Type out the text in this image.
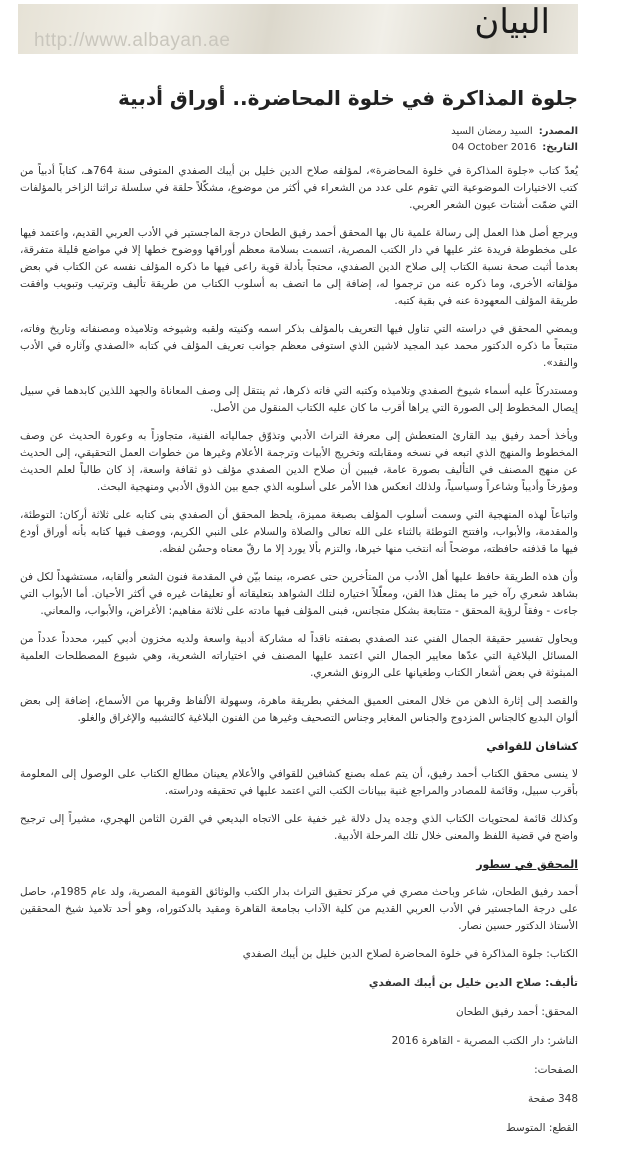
http://www.albayan.ae	البيان
جلوة المذاكرة في خلوة المحاضرة.. أوراق أدبية
المصدر:السيد رمضان السيد
التاريخ:04 October 2016

يُعدّ كتاب «جلوة المذاكرة في خلوة المحاضرة»، لمؤلفه صلاح الدين خليل بن أيبك الصفدي المتوفى سنة 764هـ، كتاباً أدبياً من كتب الاختيارات الموضوعية التي تقوم على عدد من الشعراء في أكثر من موضوع، مشكّلاً حلقة في سلسلة تراثنا الزاخر بالمؤلفات التي ضمّت أشتات عيون الشعر العربي.

ويرجع أصل هذا العمل إلى رسالة علمية نال بها المحقق أحمد رفيق الطحان درجة الماجستير في الأدب العربي القديم، واعتمد فيها على مخطوطة فريدة عثر عليها في دار الكتب المصرية، اتسمت بسلامة معظم أوراقها ووضوح خطها إلا في مواضع قليلة متفرقة، بعدما أثبت صحة نسبة الكتاب إلى صلاح الدين الصفدي، محتجاً بأدلة قوية راعى فيها ما ذكره المؤلف نفسه عن الكتاب في بعض مؤلفاته الأخرى، وما ذكره عنه من ترجموا له، إضافة إلى ما اتصف به أسلوب الكتاب من طريقة تأليف وترتيب وتبويب وافقت طريقة المؤلف المعهودة عنه في بقية كتبه.

ويمضي المحقق في دراسته التي تناول فيها التعريف بالمؤلف بذكر اسمه وكنيته ولقبه وشيوخه وتلاميذه ومصنفاته وتاريخ وفاته، متتبعاً ما ذكره الدكتور محمد عبد المجيد لاشين الذي استوفى معظم جوانب تعريف المؤلف في كتابه «الصفدي وآثاره في الأدب والنقد».

ومستدركاً عليه أسماء شيوخ الصفدي وتلاميذه وكتبه التي فاته ذكرها، ثم ينتقل إلى وصف المعاناة والجهد اللذين كابدهما في سبيل إيصال المخطوط إلى الصورة التي يراها أقرب ما كان عليه الكتاب المنقول من الأصل.

ويأخذ أحمد رفيق بيد القارئ المتعطش إلى معرفة التراث الأدبي وتذوّق جمالياته الفنية، متجاوزاً به وعورة الحديث عن وصف المخطوط والمنهج الذي اتبعه في نسخه ومقابلته وتخريج الأبيات وترجمة الأعلام وغيرها من خطوات العمل التحقيقي، إلى الحديث عن منهج المصنف في التأليف بصورة عامة، فيبين أن صلاح الدين الصفدي مؤلف ذو ثقافة واسعة، إذ كان طالباً لعلم الحديث ومؤرخاً وأديباً وشاعراً وسياسياً، ولذلك انعكس هذا الأمر على أسلوبه الذي جمع بين الذوق الأدبي ومنهجية البحث.

واتباعاً لهذه المنهجية التي وسمت أسلوب المؤلف بصبغة مميزة، يلحظ المحقق أن الصفدي بنى كتابه على ثلاثة أركان: التوطئة، والمقدمة، والأبواب، وافتتح التوطئة بالثناء على الله تعالى والصلاة والسلام على النبي الكريم، ووصف فيها كتابه بأنه أوراق أودع فيها ما قذفته حافظته، موضحاً أنه انتخب منها خيرها، والتزم بألا يورد إلا ما رقّ معناه وحسُن لفظه.

وأن هذه الطريقة حافظ عليها أهل الأدب من المتأخرين حتى عصره، بينما بيّن في المقدمة فنون الشعر وألقابه، مستشهداً لكل فن بشاهد شعري رآه خير ما يمثل هذا الفن، ومعلّلاً اختياره لتلك الشواهد بتعليقاته أو تعليقات غيره في أكثر الأحيان. أما الأبواب التي جاءت - وفقاً لرؤية المحقق - متتابعة بشكل متجانس، فبنى المؤلف فيها مادته على ثلاثة مفاهيم: الأغراض، والأبواب، والمعاني.

ويحاول تفسير حقيقة الجمال الفني عند الصفدي بصفته ناقداً له مشاركة أدبية واسعة ولديه مخزون أدبي كبير، محدداً عدداً من المسائل البلاغية التي عدّها معايير الجمال التي اعتمد عليها المصنف في اختياراته الشعرية، وهي شيوع المصطلحات العلمية المبثوثة في بعض أشعار الكتاب وطغيانها على الرونق الشعري.

والقصد إلى إثارة الذهن من خلال المعنى العميق المخفي بطريقة ماهرة، وسهولة الألفاظ وقربها من الأسماع، إضافة إلى بعض ألوان البديع كالجناس المزدوج والجناس المغاير وجناس التصحيف وغيرها من الفنون البلاغية كالتشبيه والإغراق والغلو.

كشافان للقوافي

لا ينسى محقق الكتاب أحمد رفيق، أن يتم عمله بصنع كشافين للقوافي والأعلام يعينان مطالع الكتاب على الوصول إلى المعلومة بأقرب سبيل، وقائمة للمصادر والمراجع غنية ببيانات الكتب التي اعتمد عليها في تحقيقه ودراسته.

وكذلك قائمة لمحتويات الكتاب الذي وجده يدل دلالة غير خفية على الاتجاه البديعي في القرن الثامن الهجري، مشيراً إلى ترجيح واضح في قضية اللفظ والمعنى خلال تلك المرحلة الأدبية.

المحقق في سطور

أحمد رفيق الطحان، شاعر وباحث مصري في مركز تحقيق التراث بدار الكتب والوثائق القومية المصرية، ولد عام 1985م، حاصل على درجة الماجستير في الأدب العربي القديم من كلية الآداب بجامعة القاهرة ومقيد بالدكتوراه، وهو أحد تلاميذ شيخ المحققين الأستاذ الدكتور حسين نصار.

الكتاب: جلوة المذاكرة في خلوة المحاضرة لصلاح الدين خليل بن أيبك الصفدي

تأليف: صلاح الدين خليل بن أيبك الصفدي

المحقق: أحمد رفيق الطحان

الناشر: دار الكتب المصرية - القاهرة 2016

الصفحات:

348 صفحة

القطع: المتوسط
